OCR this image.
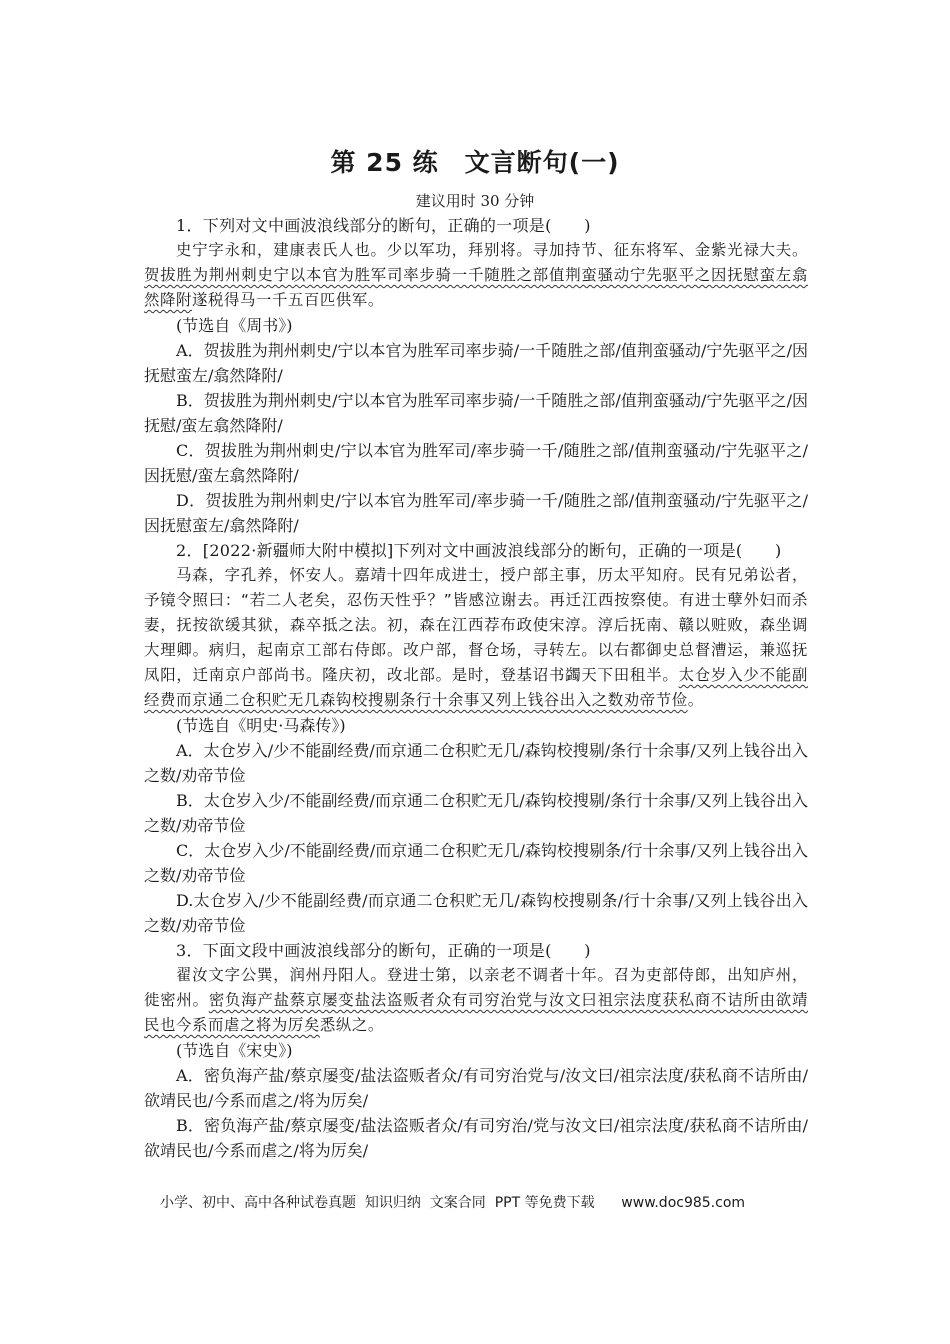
第 25 练　文言断句(一)
建议用时 30 分钟

1．下列对文中画波浪线部分的断句，正确的一项是(　　)

史宁字永和，建康表氏人也。少以军功，拜别将。寻加持节、征东将军、金紫光禄大夫。贺拔胜为荆州刺史宁以本官为胜军司率步骑一千随胜之部值荆蛮骚动宁先驱平之因抚慰蛮左翕然降附遂税得马一千五百匹供军。

(节选自《周书》)

A．贺拔胜为荆州刺史/宁以本官为胜军司率步骑/一千随胜之部/值荆蛮骚动/宁先驱平之/因抚慰蛮左/翕然降附/

B．贺拔胜为荆州刺史/宁以本官为胜军司率步骑/一千随胜之部/值荆蛮骚动/宁先驱平之/因抚慰/蛮左翕然降附/

C．贺拔胜为荆州刺史/宁以本官为胜军司/率步骑一千/随胜之部/值荆蛮骚动/宁先驱平之/因抚慰/蛮左翕然降附/

D．贺拔胜为荆州刺史/宁以本官为胜军司/率步骑一千/随胜之部/值荆蛮骚动/宁先驱平之/因抚慰蛮左/翕然降附/

2．[2022·新疆师大附中模拟]下列对文中画波浪线部分的断句，正确的一项是(　　)

马森，字孔养，怀安人。嘉靖十四年成进士，授户部主事，历太平知府。民有兄弟讼者，予镜令照曰：“若二人老矣，忍伤天性乎？”皆感泣谢去。再迁江西按察使。有进士孽外妇而杀妻，抚按欲缓其狱，森卒抵之法。初，森在江西荐布政使宋淳。淳后抚南、赣以赃败，森坐调大理卿。病归，起南京工部右侍郎。改户部，督仓场，寻转左。以右都御史总督漕运，兼巡抚凤阳，迁南京户部尚书。隆庆初，改北部。是时，登基诏书蠲天下田租半。太仓岁入少不能副经费而京通二仓积贮无几森钩校搜剔条行十余事又列上钱谷出入之数劝帝节俭。

(节选自《明史·马森传》)

A．太仓岁入/少不能副经费/而京通二仓积贮无几/森钩校搜剔/条行十余事/又列上钱谷出入之数/劝帝节俭

B．太仓岁入少/不能副经费/而京通二仓积贮无几/森钩校搜剔/条行十余事/又列上钱谷出入之数/劝帝节俭

C．太仓岁入少/不能副经费/而京通二仓积贮无几/森钩校搜剔条/行十余事/又列上钱谷出入之数/劝帝节俭

D.太仓岁入/少不能副经费/而京通二仓积贮无几/森钩校搜剔条/行十余事/又列上钱谷出入之数/劝帝节俭

3．下面文段中画波浪线部分的断句，正确的一项是(　　)

翟汝文字公巽，润州丹阳人。登进士第，以亲老不调者十年。召为吏部侍郎，出知庐州，徙密州。密负海产盐蔡京屡变盐法盗贩者众有司穷治党与汝文曰祖宗法度获私商不诘所由欲靖民也今系而虐之将为厉矣悉纵之。

(节选自《宋史》)

A．密负海产盐/蔡京屡变/盐法盗贩者众/有司穷治党与/汝文曰/祖宗法度/获私商不诘所由/欲靖民也/今系而虐之/将为厉矣/

B．密负海产盐/蔡京屡变/盐法盗贩者众/有司穷治/党与汝文曰/祖宗法度/获私商不诘所由/欲靖民也/今系而虐之/将为厉矣/

小学、初中、高中各种试卷真题  知识归纳  文案合同  PPT 等免费下载      www.doc985.com
